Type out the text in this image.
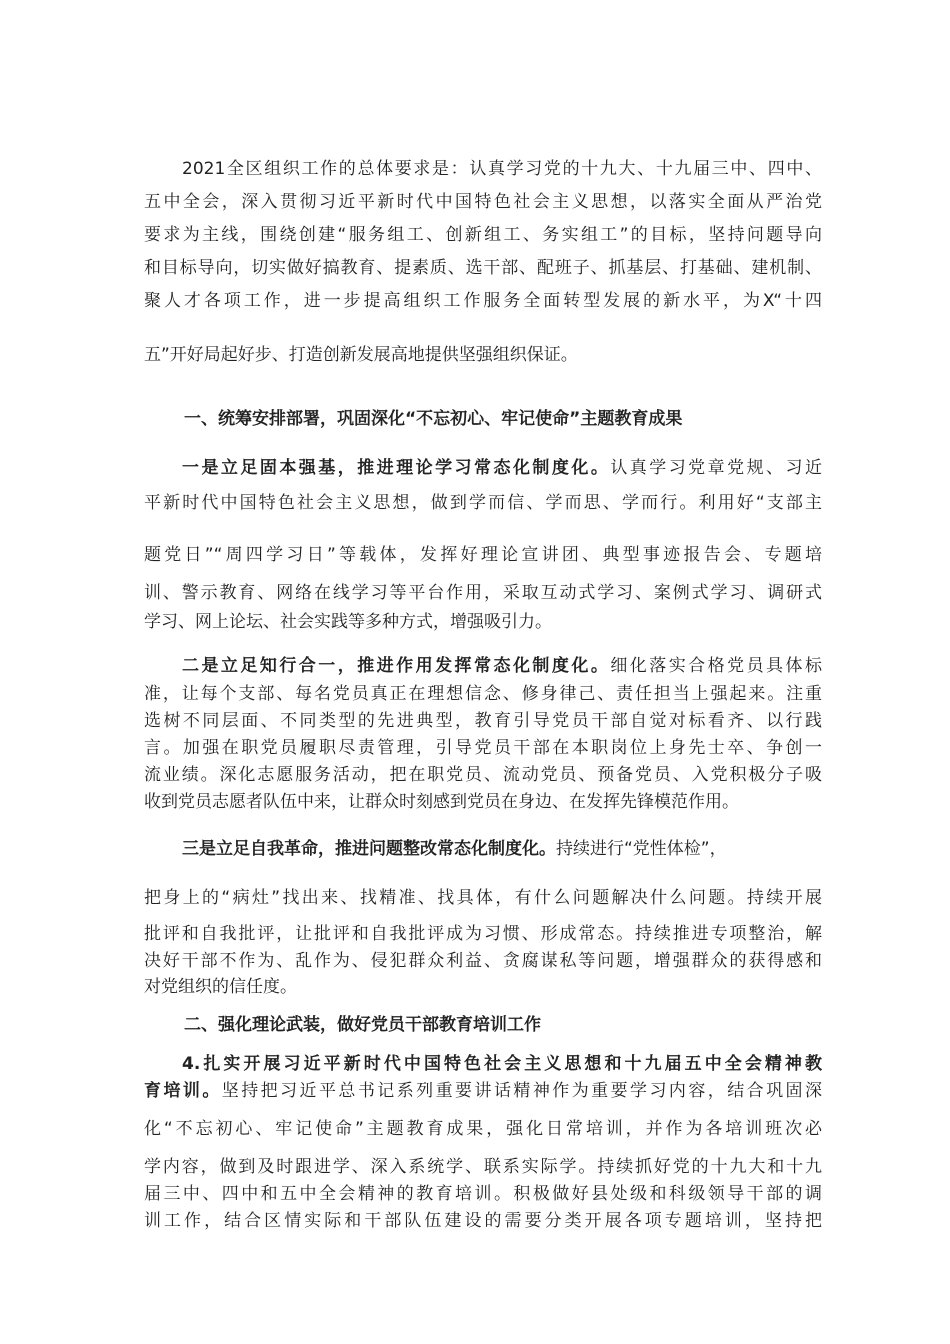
2021全区组织工作的总体要求是：认真学习党的十九大、十九届三中、四中、
五中全会，深入贯彻习近平新时代中国特色社会主义思想，以落实全面从严治党
要求为主线，围绕创建“服务组工、创新组工、务实组工”的目标，坚持问题导向
和目标导向，切实做好搞教育、提素质、选干部、配班子、抓基层、打基础、建机制、
聚人才各项工作，进一步提高组织工作服务全面转型发展的新水平，为X“十四
五”开好局起好步、打造创新发展高地提供坚强组织保证。
一、统筹安排部署，巩固深化“不忘初心、牢记使命”主题教育成果
一是立足固本强基，推进理论学习常态化制度化。认真学习党章党规、习近
平新时代中国特色社会主义思想，做到学而信、学而思、学而行。利用好“支部主
题党日”“周四学习日”等载体，发挥好理论宣讲团、典型事迹报告会、专题培
训、警示教育、网络在线学习等平台作用，采取互动式学习、案例式学习、调研式
学习、网上论坛、社会实践等多种方式，增强吸引力。
二是立足知行合一，推进作用发挥常态化制度化。细化落实合格党员具体标
准，让每个支部、每名党员真正在理想信念、修身律己、责任担当上强起来。注重
选树不同层面、不同类型的先进典型，教育引导党员干部自觉对标看齐、以行践
言。加强在职党员履职尽责管理，引导党员干部在本职岗位上身先士卒、争创一
流业绩。深化志愿服务活动，把在职党员、流动党员、预备党员、入党积极分子吸
收到党员志愿者队伍中来，让群众时刻感到党员在身边、在发挥先锋模范作用。
三是立足自我革命，推进问题整改常态化制度化。持续进行“党性体检”，
把身上的“病灶”找出来、找精准、找具体，有什么问题解决什么问题。持续开展
批评和自我批评，让批评和自我批评成为习惯、形成常态。持续推进专项整治，解
决好干部不作为、乱作为、侵犯群众利益、贪腐谋私等问题，增强群众的获得感和
对党组织的信任度。
二、强化理论武装，做好党员干部教育培训工作
4.扎实开展习近平新时代中国特色社会主义思想和十九届五中全会精神教
育培训。坚持把习近平总书记系列重要讲话精神作为重要学习内容，结合巩固深
化“不忘初心、牢记使命”主题教育成果，强化日常培训，并作为各培训班次必
学内容，做到及时跟进学、深入系统学、联系实际学。持续抓好党的十九大和十九
届三中、四中和五中全会精神的教育培训。积极做好县处级和科级领导干部的调
训工作，结合区情实际和干部队伍建设的需要分类开展各项专题培训，坚持把
